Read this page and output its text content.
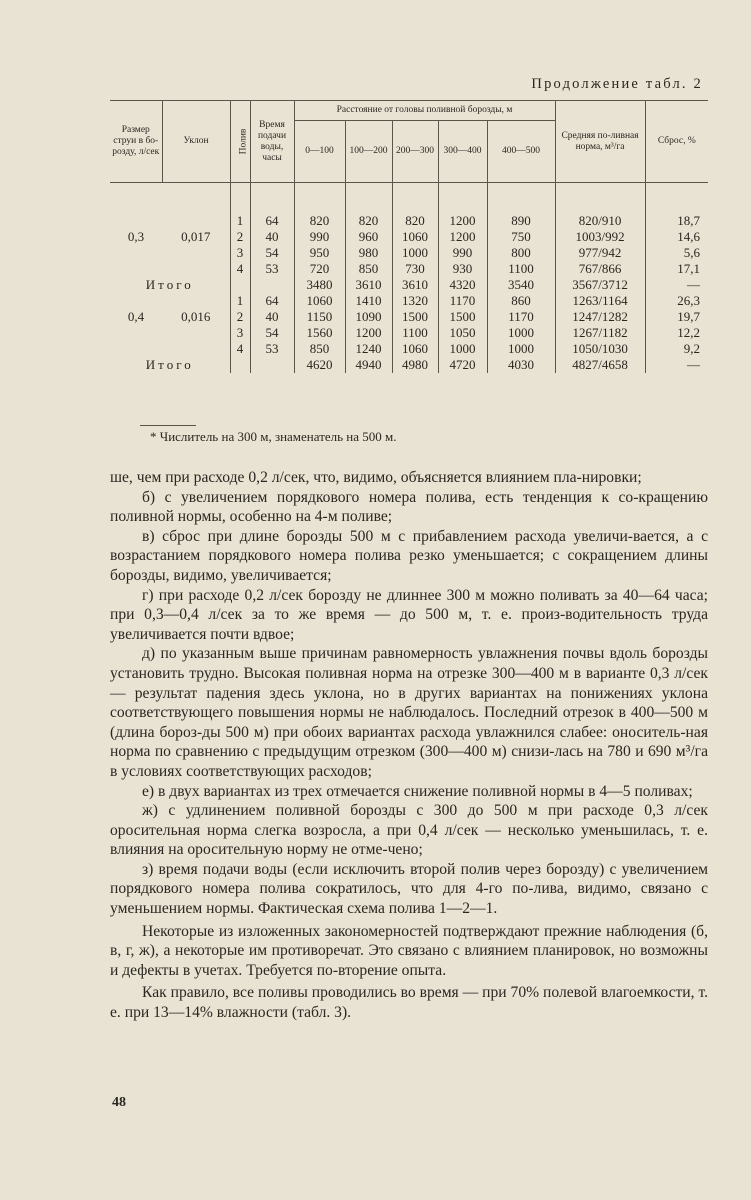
Продолжение табл. 2
Размер струи в бо-розду, л/сек	Уклон	Полив	Время подачи воды, часы	Расстояние от головы поливной борозды, м					Средняя по-ливная норма, м³/га	Сброс, %
				0—100	100—200	200—300	300—400	400—500		

		1	64	820	820	820	1200	890	820/910	18,7
0,3	0,017	2	40	990	960	1060	1200	750	1003/992	14,6
		3	54	950	980	1000	990	800	977/942	5,6
		4	53	720	850	730	930	1100	767/866	17,1
Итого				3480	3610	3610	4320	3540	3567/3712	—
		1	64	1060	1410	1320	1170	860	1263/1164	26,3
0,4	0,016	2	40	1150	1090	1500	1500	1170	1247/1282	19,7
		3	54	1560	1200	1100	1050	1000	1267/1182	12,2
		4	53	850	1240	1060	1000	1000	1050/1030	9,2
Итого				4620	4940	4980	4720	4030	4827/4658	—
* Числитель на 300 м, знаменатель на 500 м.

ше, чем при расходе 0,2 л/сек, что, видимо, объясняется влиянием пла-нировки;

б) с увеличением порядкового номера полива, есть тенденция к со-кращению поливной нормы, особенно на 4-м поливе;

в) сброс при длине борозды 500 м с прибавлением расхода увеличи-вается, а с возрастанием порядкового номера полива резко уменьшается; с сокращением длины борозды, видимо, увеличивается;

г) при расходе 0,2 л/сек борозду не длиннее 300 м можно поливать за 40—64 часа; при 0,3—0,4 л/сек за то же время — до 500 м, т. е. произ-водительность труда увеличивается почти вдвое;

д) по указанным выше причинам равномерность увлажнения почвы вдоль борозды установить трудно. Высокая поливная норма на отрезке 300—400 м в варианте 0,3 л/сек — результат падения здесь уклона, но в других вариантах на понижениях уклона соответствующего повышения нормы не наблюдалось. Последний отрезок в 400—500 м (длина бороз-ды 500 м) при обоих вариантах расхода увлажнился слабее: оноситель-ная норма по сравнению с предыдущим отрезком (300—400 м) снизи-лась на 780 и 690 м³/га в условиях соответствующих расходов;

е) в двух вариантах из трех отмечается снижение поливной нормы в 4—5 поливах;

ж) с удлинением поливной борозды с 300 до 500 м при расходе 0,3 л/сек оросительная норма слегка возросла, а при 0,4 л/сек — несколько уменьшилась, т. е. влияния на оросительную норму не отме-чено;

з) время подачи воды (если исключить второй полив через борозду) с увеличением порядкового номера полива сократилось, что для 4-го по-лива, видимо, связано с уменьшением нормы. Фактическая схема полива 1—2—1.

Некоторые из изложенных закономерностей подтверждают прежние наблюдения (б, в, г, ж), а некоторые им противоречат. Это связано с влиянием планировок, но возможны и дефекты в учетах. Требуется по-вторение опыта.

Как правило, все поливы проводились во время — при 70% полевой влагоемкости, т. е. при 13—14% влажности (табл. 3).

48
